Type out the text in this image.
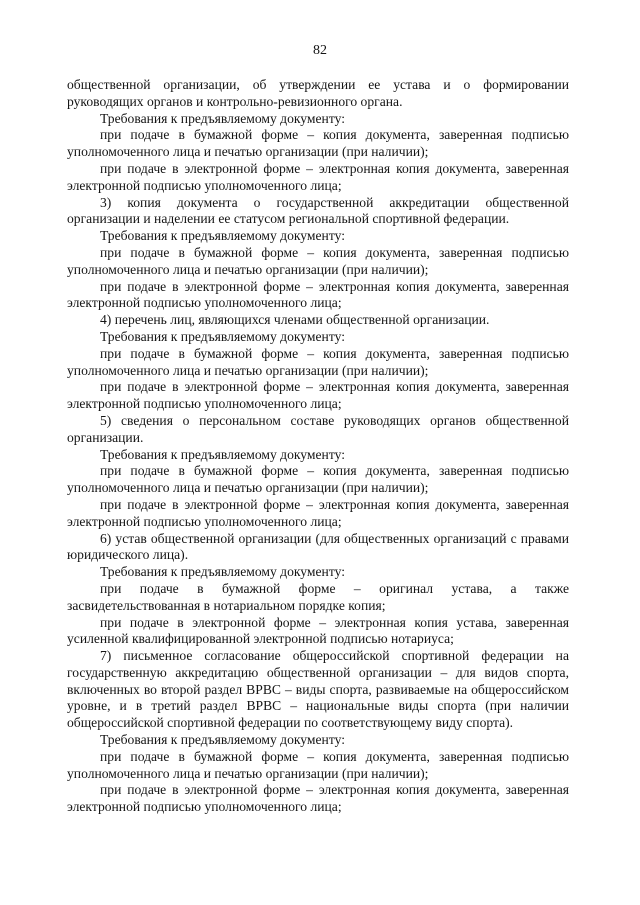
82

общественной организации, об утверждении ее устава и о формировании руководящих органов и контрольно-ревизионного органа.

Требования к предъявляемому документу:

при подаче в бумажной форме – копия документа, заверенная подписью уполномоченного лица и печатью организации (при наличии);

при подаче в электронной форме – электронная копия документа, заверенная электронной подписью уполномоченного лица;

3) копия документа о государственной аккредитации общественной организации и наделении ее статусом региональной спортивной федерации.

Требования к предъявляемому документу:

при подаче в бумажной форме – копия документа, заверенная подписью уполномоченного лица и печатью организации (при наличии);

при подаче в электронной форме – электронная копия документа, заверенная электронной подписью уполномоченного лица;

4) перечень лиц, являющихся членами общественной организации.

Требования к предъявляемому документу:

при подаче в бумажной форме – копия документа, заверенная подписью уполномоченного лица и печатью организации (при наличии);

при подаче в электронной форме – электронная копия документа, заверенная электронной подписью уполномоченного лица;

5) сведения о персональном составе руководящих органов общественной организации.

Требования к предъявляемому документу:

при подаче в бумажной форме – копия документа, заверенная подписью уполномоченного лица и печатью организации (при наличии);

при подаче в электронной форме – электронная копия документа, заверенная электронной подписью уполномоченного лица;

6) устав общественной организации (для общественных организаций с правами юридического лица).

Требования к предъявляемому документу:

при подаче в бумажной форме – оригинал устава, а также засвидетельствованная в нотариальном порядке копия;

при подаче в электронной форме – электронная копия устава, заверенная усиленной квалифицированной электронной подписью нотариуса;

7) письменное согласование общероссийской спортивной федерации на государственную аккредитацию общественной организации – для видов спорта, включенных во второй раздел ВРВС – виды спорта, развиваемые на общероссийском уровне, и в третий раздел ВРВС – национальные виды спорта (при наличии общероссийской спортивной федерации по соответствующему виду спорта).

Требования к предъявляемому документу:

при подаче в бумажной форме – копия документа, заверенная подписью уполномоченного лица и печатью организации (при наличии);

при подаче в электронной форме – электронная копия документа, заверенная электронной подписью уполномоченного лица;
